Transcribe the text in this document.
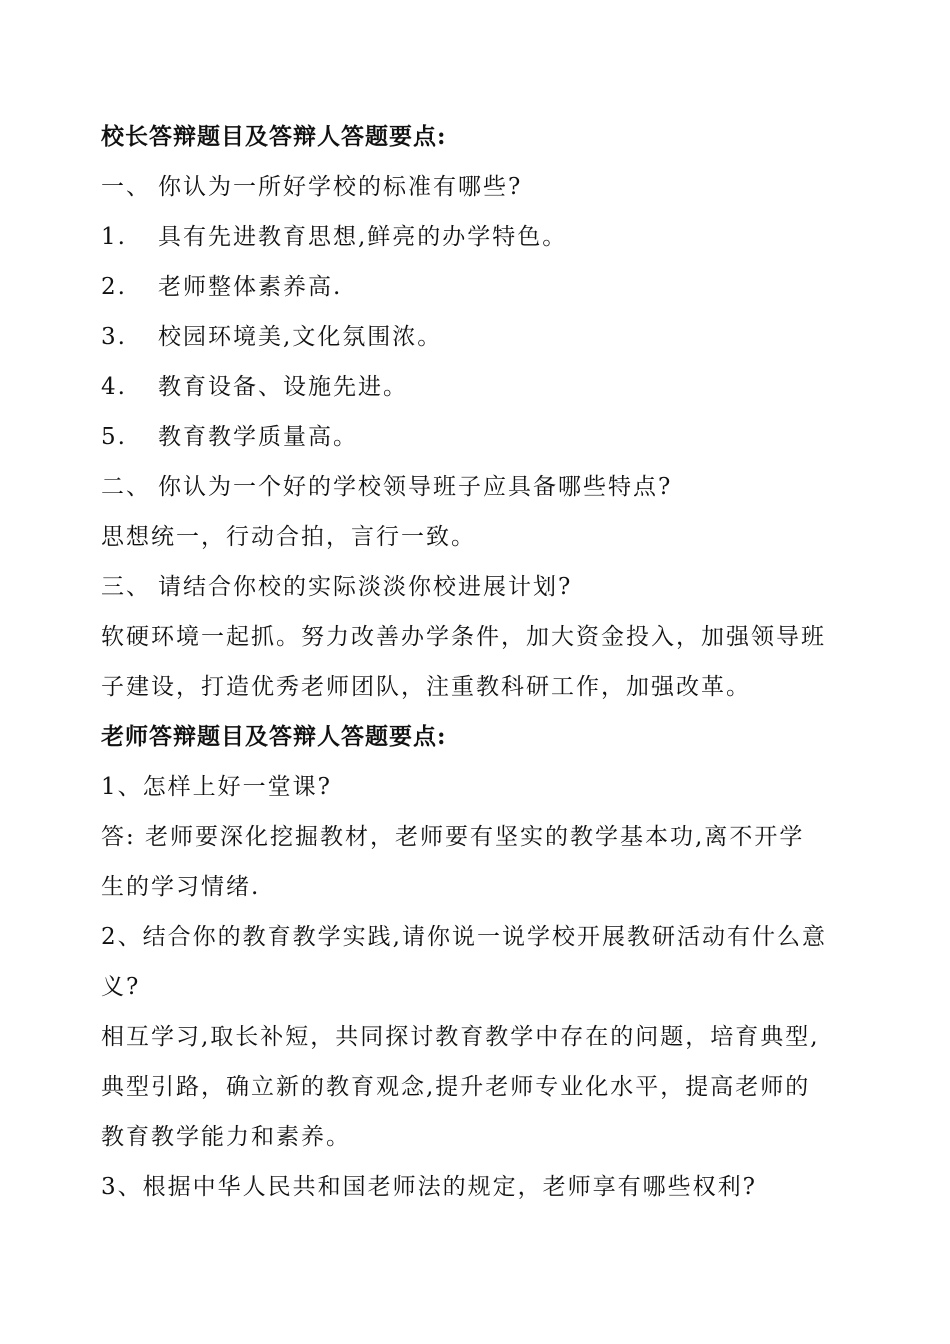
校长答辩题目及答辩人答题要点:

一、 你认为一所好学校的标准有哪些?

1. 具有先进教育思想,鲜亮的办学特色。

2. 老师整体素养高.

3. 校园环境美,文化氛围浓。

4. 教育设备、设施先进。

5. 教育教学质量高。

二、 你认为一个好的学校领导班子应具备哪些特点?

思想统一，行动合拍，言行一致。

三、 请结合你校的实际淡淡你校进展计划?

软硬环境一起抓。努力改善办学条件，加大资金投入，加强领导班

子建设，打造优秀老师团队，注重教科研工作，加强改革。

老师答辩题目及答辩人答题要点:

1、怎样上好一堂课?

答: 老师要深化挖掘教材，老师要有坚实的教学基本功,离不开学

生的学习情绪.

2、结合你的教育教学实践,请你说一说学校开展教研活动有什么意

义?

相互学习,取长补短，共同探讨教育教学中存在的问题，培育典型,

典型引路，确立新的教育观念,提升老师专业化水平，提高老师的

教育教学能力和素养。

3、根据中华人民共和国老师法的规定，老师享有哪些权利?
